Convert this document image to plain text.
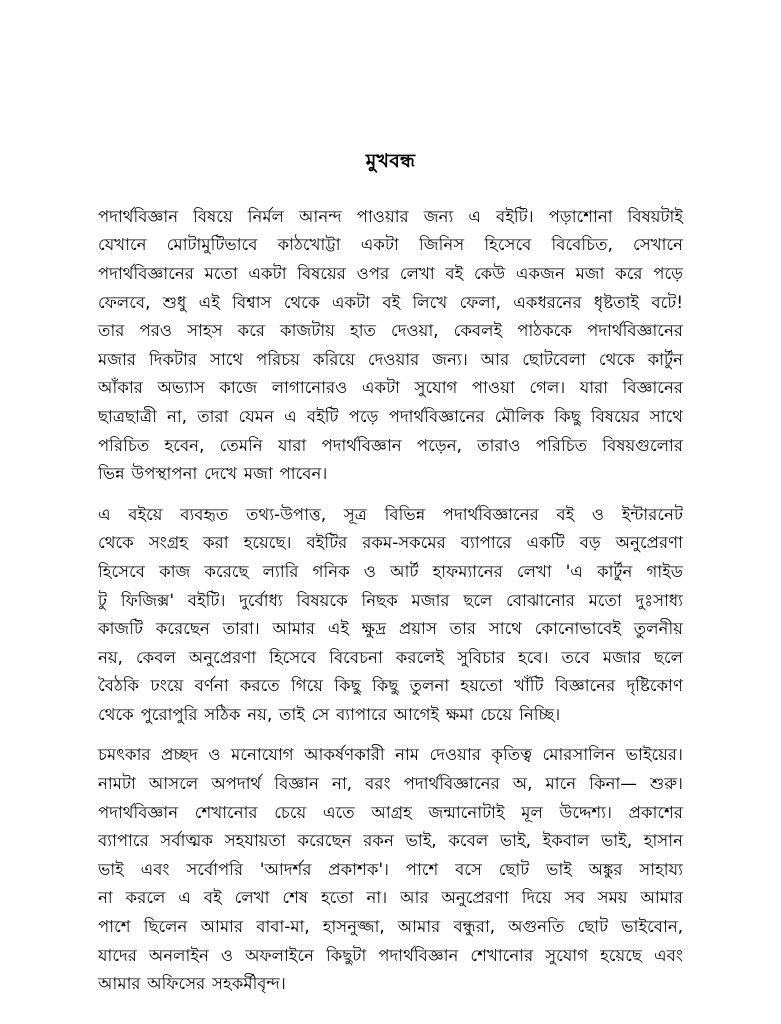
মুখবন্ধ

পদার্থবিজ্ঞান বিষয়ে নির্মল আনন্দ পাওয়ার জন্য এ বইটি। পড়াশোনা বিষয়টাই
যেখানে মোটামুটিভাবে কাঠখোট্টা একটা জিনিস হিসেবে বিবেচিত, সেখানে
পদার্থবিজ্ঞানের মতো একটা বিষয়ের ওপর লেখা বই কেউ একজন মজা করে পড়ে
ফেলবে, শুধু এই বিশ্বাস থেকে একটা বই লিখে ফেলা, একধরনের ধৃষ্টতাই বটে!
তার পরও সাহস করে কাজটায় হাত দেওয়া, কেবলই পাঠককে পদার্থবিজ্ঞানের
মজার দিকটার সাথে পরিচয় করিয়ে দেওয়ার জন্য। আর ছোটবেলা থেকে কার্টুন
আঁকার অভ্যাস কাজে লাগানোরও একটা সুযোগ পাওয়া গেল। যারা বিজ্ঞানের
ছাত্রছাত্রী না, তারা যেমন এ বইটি পড়ে পদার্থবিজ্ঞানের মৌলিক কিছু বিষয়ের সাথে
পরিচিত হবেন, তেমনি যারা পদার্থবিজ্ঞান পড়েন, তারাও পরিচিত বিষয়গুলোর
ভিন্ন উপস্থাপনা দেখে মজা পাবেন।

এ বইয়ে ব্যবহৃত তথ্য-উপাত্ত, সূত্র বিভিন্ন পদার্থবিজ্ঞানের বই ও ইন্টারনেট
থেকে সংগ্রহ করা হয়েছে। বইটির রকম-সকমের ব্যাপারে একটি বড় অনুপ্রেরণা
হিসেবে কাজ করেছে ল্যারি গনিক ও আর্ট হাফম্যানের লেখা 'এ কার্টুন গাইড
টু ফিজিক্স' বইটি। দুর্বোধ্য বিষয়কে নিছক মজার ছলে বোঝানোর মতো দুঃসাধ্য
কাজটি করেছেন তারা। আমার এই ক্ষুদ্র প্রয়াস তার সাথে কোনোভাবেই তুলনীয়
নয়, কেবল অনুপ্রেরণা হিসেবে বিবেচনা করলেই সুবিচার হবে। তবে মজার ছলে
বৈঠকি ঢংয়ে বর্ণনা করতে গিয়ে কিছু কিছু তুলনা হয়তো খাঁটি বিজ্ঞানের দৃষ্টিকোণ
থেকে পুরোপুরি সঠিক নয়, তাই সে ব্যাপারে আগেই ক্ষমা চেয়ে নিচ্ছি।

চমৎকার প্রচ্ছদ ও মনোযোগ আকর্ষণকারী নাম দেওয়ার কৃতিত্ব মোরসালিন ভাইয়ের।
নামটা আসলে অপদার্থ বিজ্ঞান না, বরং পদার্থবিজ্ঞানের অ, মানে কিনা— শুরু।
পদার্থবিজ্ঞান শেখানোর চেয়ে এতে আগ্রহ জন্মানোটাই মূল উদ্দেশ্য। প্রকাশের
ব্যাপারে সর্বাত্মক সহযায়তা করেছেন রকন ভাই, কবেল ভাই, ইকবাল ভাই, হাসান
ভাই এবং সর্বোপরি 'আদর্শর প্রকাশক'। পাশে বসে ছোট ভাই অঙ্কুর সাহায্য
না করলে এ বই লেখা শেষ হতো না। আর অনুপ্রেরণা দিয়ে সব সময় আমার
পাশে ছিলেন আমার বাবা-মা, হাসনুজ্জা, আমার বন্ধুরা, অগুনতি ছোট ভাইবোন,
যাদের অনলাইন ও অফলাইনে কিছুটা পদার্থবিজ্ঞান শেখানোর সুযোগ হয়েছে এবং
আমার অফিসের সহকর্মীবৃন্দ।
